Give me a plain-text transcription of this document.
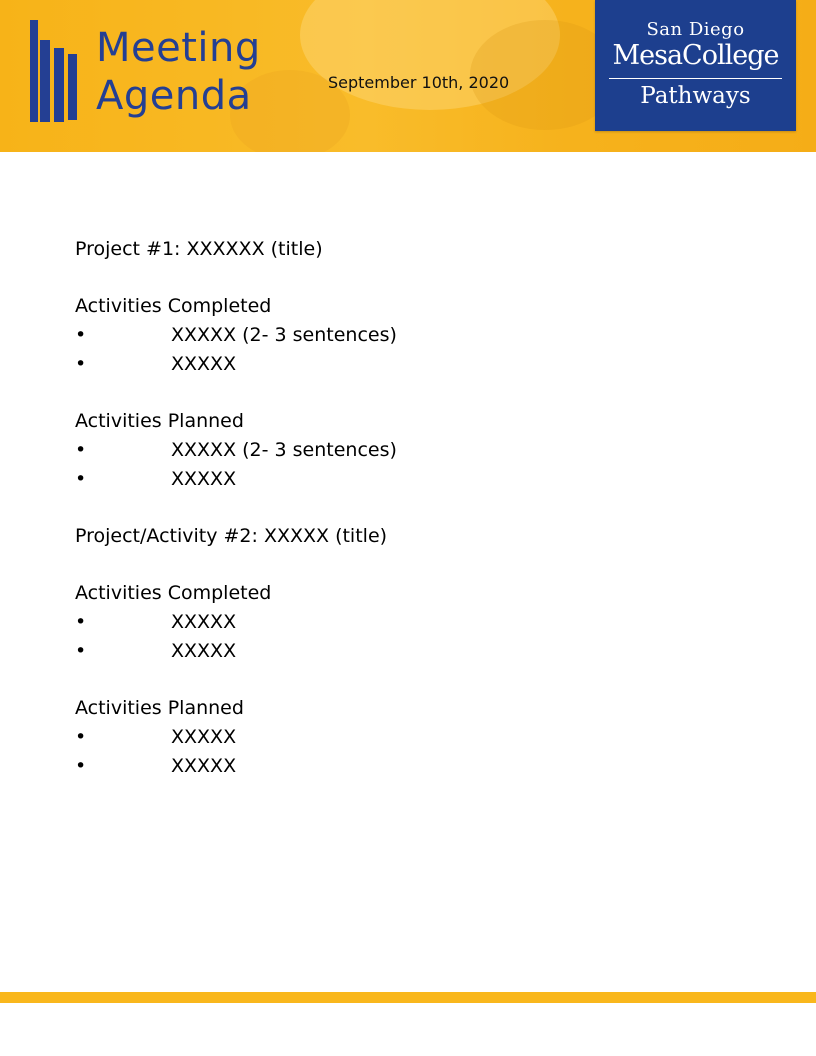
Meeting
Agenda	September 10th, 2020
San Diego
MesaCollege
Pathways
Project #1: XXXXXX (title)
Activities Completed
•	XXXXX (2- 3 sentences)
•	XXXXX
Activities Planned
•	XXXXX (2- 3 sentences)
•	XXXXX
Project/Activity #2: XXXXX (title)
Activities Completed
•	XXXXX
•	XXXXX
Activities Planned
•	XXXXX
•	XXXXX
